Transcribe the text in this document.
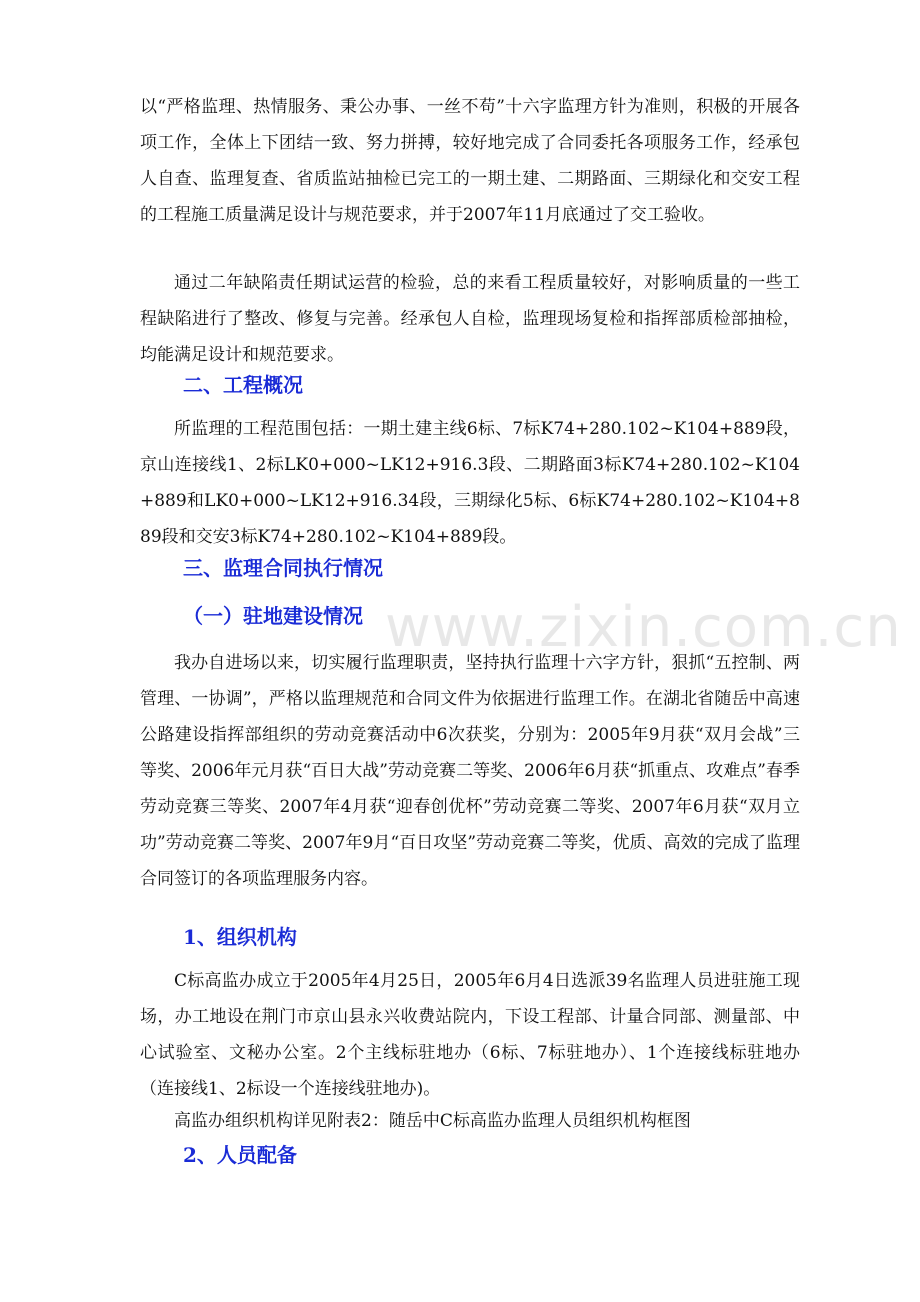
以“严格监理、热情服务、秉公办事、一丝不苟”十六字监理方针为准则，积极的开展各项工作，全体上下团结一致、努力拼搏，较好地完成了合同委托各项服务工作，经承包人自查、监理复查、省质监站抽检已完工的一期土建、二期路面、三期绿化和交安工程的工程施工质量满足设计与规范要求，并于2007年11月底通过了交工验收。

通过二年缺陷责任期试运营的检验，总的来看工程质量较好，对影响质量的一些工程缺陷进行了整改、修复与完善。经承包人自检，监理现场复检和指挥部质检部抽检，均能满足设计和规范要求。

二、工程概况

所监理的工程范围包括：一期土建主线6标、7标K74+280.102~K104+889段，京山连接线1、2标LK0+000~LK12+916.3段、二期路面3标K74+280.102~K104+889和LK0+000~LK12+916.34段，三期绿化5标、6标K74+280.102~K104+889段和交安3标K74+280.102~K104+889段。

三、监理合同执行情况
（一）驻地建设情况

我办自进场以来，切实履行监理职责，坚持执行监理十六字方针，狠抓“五控制、两管理、一协调”，严格以监理规范和合同文件为依据进行监理工作。在湖北省随岳中高速公路建设指挥部组织的劳动竞赛活动中6次获奖，分别为：2005年9月获“双月会战”三等奖、2006年元月获“百日大战”劳动竞赛二等奖、2006年6月获“抓重点、攻难点”春季劳动竞赛三等奖、2007年4月获“迎春创优杯”劳动竞赛二等奖、2007年6月获“双月立功”劳动竞赛二等奖、2007年9月“百日攻坚”劳动竞赛二等奖，优质、高效的完成了监理合同签订的各项监理服务内容。

1、组织机构

C标高监办成立于2005年4月25日，2005年6月4日选派39名监理人员进驻施工现场，办工地设在荆门市京山县永兴收费站院内，下设工程部、计量合同部、测量部、中心试验室、文秘办公室。2个主线标驻地办（6标、7标驻地办）、1个连接线标驻地办（连接线1、2标设一个连接线驻地办)。

高监办组织机构详见附表2：随岳中C标高监办监理人员组织机构框图

2、人员配备
www.zixin.com.cn
